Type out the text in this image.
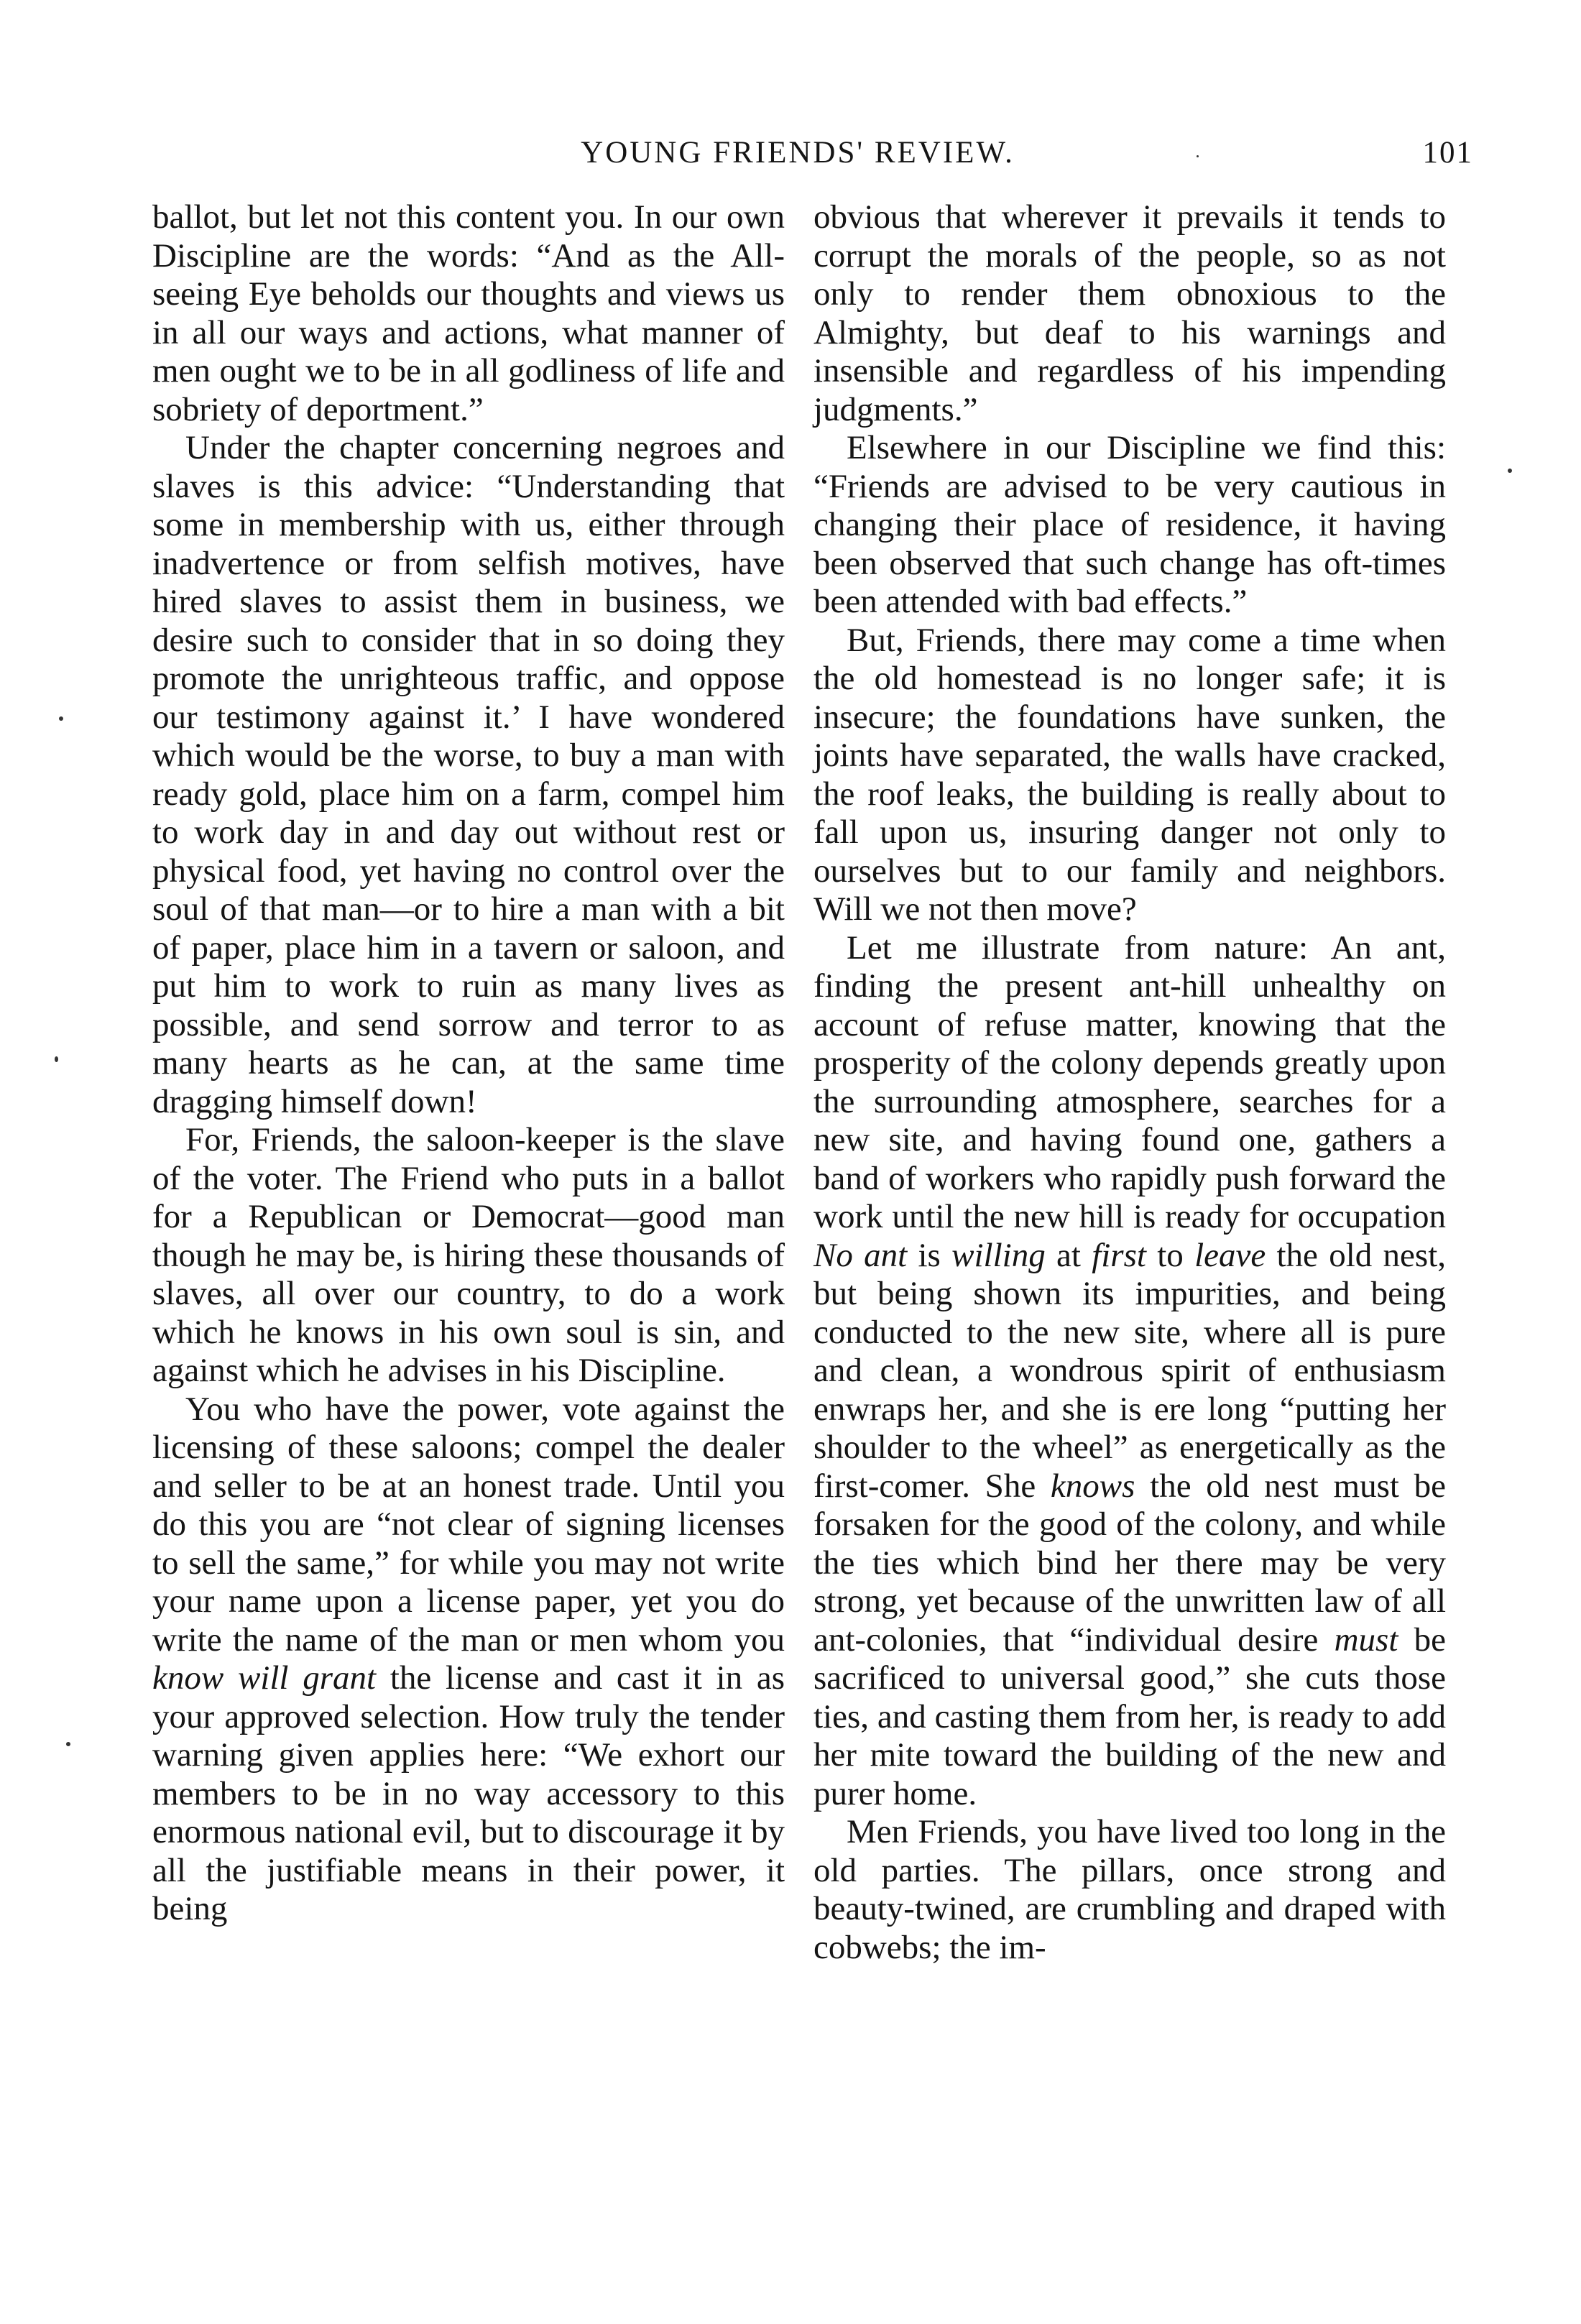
YOUNG FRIENDS' REVIEW.	101

ballot, but let not this content you. In our own Discipline are the words: “And as the All-seeing Eye beholds our thoughts and views us in all our ways and actions, what manner of men ought we to be in all godliness of life and sobriety of deportment.”

Under the chapter concerning negroes and slaves is this advice: “Understanding that some in membership with us, either through inadvertence or from selfish motives, have hired slaves to assist them in business, we desire such to consider that in so doing they promote the unrighteous traffic, and oppose our testimony against it.’ I have wondered which would be the worse, to buy a man with ready gold, place him on a farm, compel him to work day in and day out without rest or physical food, yet having no control over the soul of that man—or to hire a man with a bit of paper, place him in a tavern or saloon, and put him to work to ruin as many lives as possible, and send sorrow and terror to as many hearts as he can, at the same time dragging himself down!

For, Friends, the saloon-keeper is the slave of the voter. The Friend who puts in a ballot for a Republican or Democrat—good man though he may be, is hiring these thousands of slaves, all over our country, to do a work which he knows in his own soul is sin, and against which he advises in his Discipline.

You who have the power, vote against the licensing of these saloons; compel the dealer and seller to be at an honest trade. Until you do this you are “not clear of signing licenses to sell the same,” for while you may not write your name upon a license paper, yet you do write the name of the man or men whom you know will grant the license and cast it in as your approved selection. How truly the tender warning given applies here: “We exhort our members to be in no way accessory to this enormous national evil, but to discourage it by all the justifiable means in their power, it being

obvious that wherever it prevails it tends to corrupt the morals of the people, so as not only to render them obnoxious to the Almighty, but deaf to his warnings and insensible and regardless of his impending judgments.”

Elsewhere in our Discipline we find this: “Friends are advised to be very cautious in changing their place of residence, it having been observed that such change has oft-times been attended with bad effects.”

But, Friends, there may come a time when the old homestead is no longer safe; it is insecure; the foundations have sunken, the joints have separated, the walls have cracked, the roof leaks, the building is really about to fall upon us, insuring danger not only to ourselves but to our family and neighbors. Will we not then move?

Let me illustrate from nature: An ant, finding the present ant-hill unhealthy on account of refuse matter, knowing that the prosperity of the colony depends greatly upon the surrounding atmosphere, searches for a new site, and having found one, gathers a band of workers who rapidly push forward the work until the new hill is ready for occupation No ant is willing at first to leave the old nest, but being shown its impurities, and being conducted to the new site, where all is pure and clean, a wondrous spirit of enthusiasm enwraps her, and she is ere long “putting her shoulder to the wheel” as energetically as the first-comer. She knows the old nest must be forsaken for the good of the colony, and while the ties which bind her there may be very strong, yet because of the unwritten law of all ant-colonies, that “individual desire must be sacrificed to universal good,” she cuts those ties, and casting them from her, is ready to add her mite toward the building of the new and purer home.

Men Friends, you have lived too long in the old parties. The pillars, once strong and beauty-twined, are crumbling and draped with cobwebs; the im-
